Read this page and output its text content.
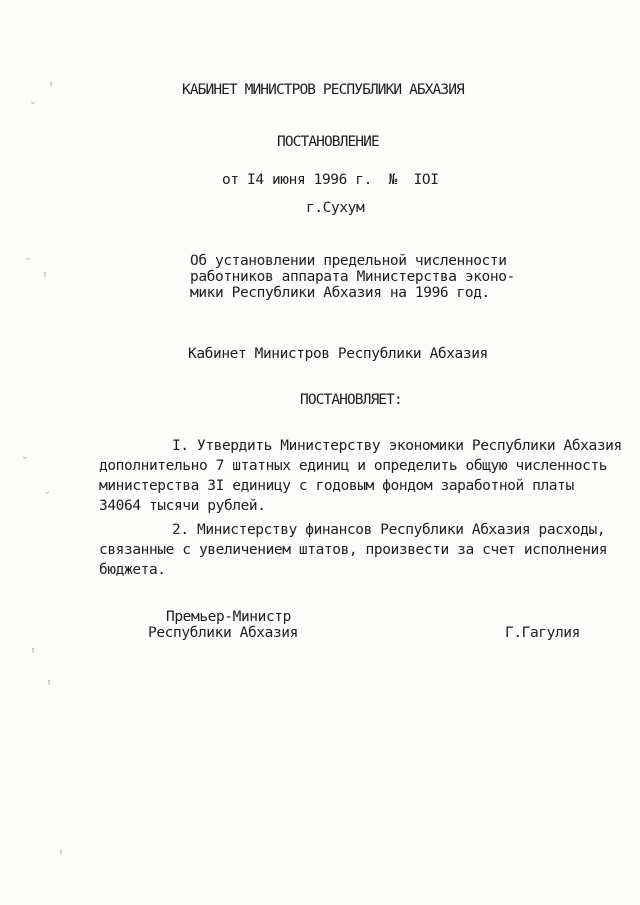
ᵎ
ᵕ
ᵕ
ᵎ
ᵕ
ᵕ
ᵎ
ᵎ
ᵎ
КАБИНЕТ МИНИСТРОВ РЕСПУБЛИКИ АБХАЗИЯ
ПОСТАНОВЛЕНИЕ
от I4 июня 1996 г.  №  IOI
г.Сухум
Об установлении предельной численности
работников аппарата Министерства эконо-
мики Республики Абхазия на 1996 год.
Кабинет Министров Республики Абхазия
ПОСТАНОВЛЯЕТ:
I. Утвердить Министерству экономики Республики Абхазия
дополнительно 7 штатных единиц и определить общую численность
министерства 3I единицу с годовым фондом заработной платы
34064 тысячи рублей.
2. Министерству финансов Республики Абхазия расходы,
связанные с увеличением штатов, произвести за счет исполнения
бюджета.
Премьер-Министр
Республики Абхазия	Г.Гагулия
